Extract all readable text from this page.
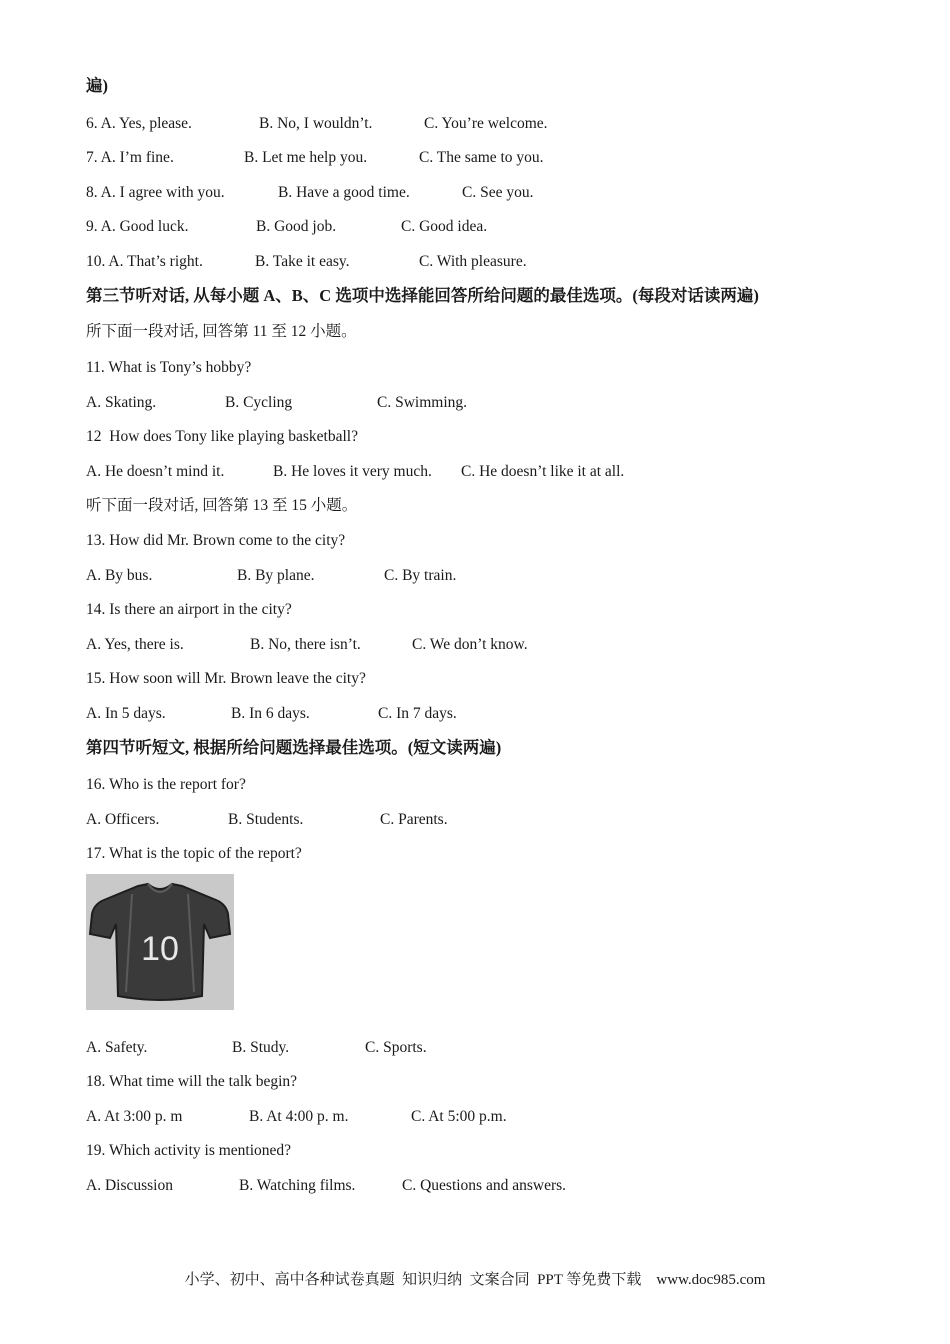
遍)
6. A. Yes, please.	B. No, I wouldn’t.	C. You’re welcome.
7. A. I’m fine.	B. Let me help you.	C. The same to you.
8. A. I agree with you.	B. Have a good time.	C. See you.
9. A. Good luck.	B. Good job.	C. Good idea.
10. A. That’s right.	B. Take it easy.	C. With pleasure.
第三节听对话, 从每小题 A、B、C 选项中选择能回答所给问题的最佳选项。(每段对话读两遍)
所下面一段对话, 回答第 11 至 12 小题。
11. What is Tony’s hobby?
A. Skating.	B. Cycling	C. Swimming.
12  How does Tony like playing basketball?
A. He doesn’t mind it.	B. He loves it very much. C. He doesn’t like it at all.
听下面一段对话, 回答第 13 至 15 小题。
13. How did Mr. Brown come to the city?
A. By bus.	B. By plane.	C. By train.
14. Is there an airport in the city?
A. Yes, there is.	B. No, there isn’t.	C. We don’t know.
15. How soon will Mr. Brown leave the city?
A. In 5 days.	B. In 6 days.	C. In 7 days.
第四节听短文, 根据所给问题选择最佳选项。(短文读两遍)
16. Who is the report for?
A. Officers.	B. Students.	C. Parents.
17. What is the topic of the report?
10
A. Safety.	B. Study.	C. Sports.
18. What time will the talk begin?
A. At 3:00 p. m	B. At 4:00 p. m.	C. At 5:00 p.m.
19. Which activity is mentioned?
A. Discussion	B. Watching films.	C. Questions and answers.
小学、初中、高中各种试卷真题  知识归纳  文案合同  PPT 等免费下载    www.doc985.com
